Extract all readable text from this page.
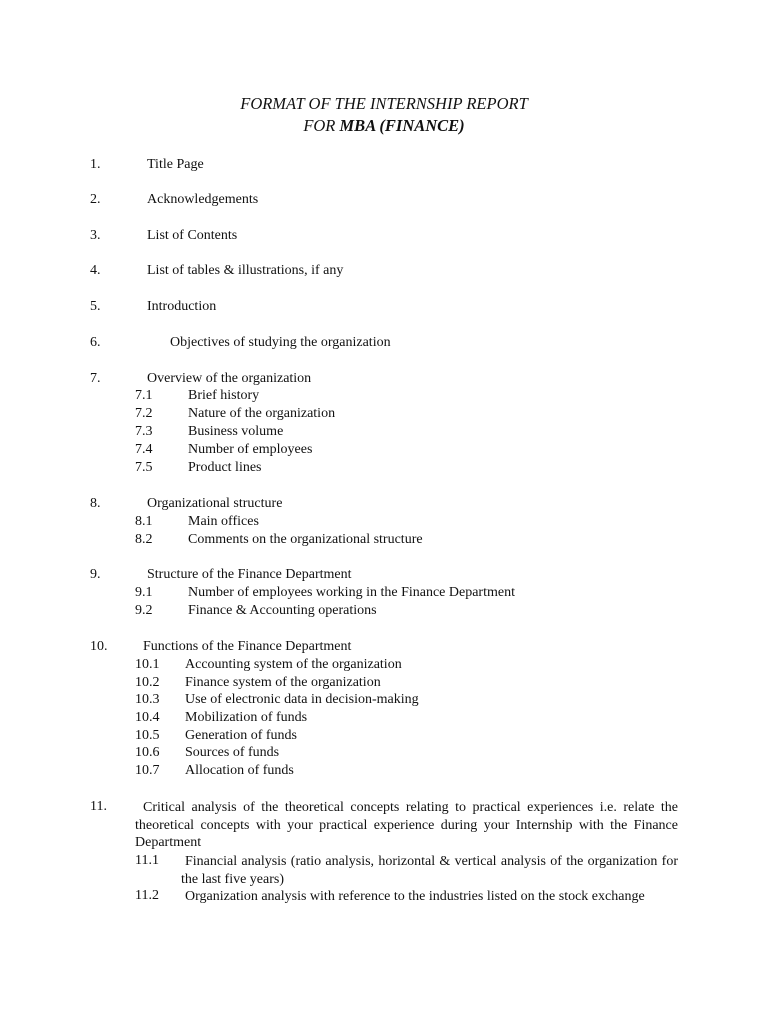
FORMAT OF THE INTERNSHIP REPORT
FOR MBA (FINANCE)
1.	Title Page
2.	Acknowledgements
3.	List of Contents
4.	List of tables & illustrations, if any
5.	Introduction
6.	Objectives of studying the organization
7.	Overview of the organization
7.1	Brief history
7.2	Nature of the organization
7.3	Business volume
7.4	Number of employees
7.5	Product lines
8.	Organizational structure
8.1	Main offices
8.2	Comments on the organizational structure
9.	Structure of the Finance Department
9.1	Number of employees working in the Finance Department
9.2	Finance & Accounting operations
10.	Functions of the Finance Department
10.1 Accounting system of the organization
10.2 Finance system of the organization
10.3 Use of electronic data in decision-making
10.4 Mobilization of funds
10.5 Generation of funds
10.6 Sources of funds
10.7 Allocation of funds
11.	Critical analysis of the theoretical concepts relating to practical experiences i.e. relate the theoretical concepts with your practical experience during your Internship with the Finance Department
11.1 Financial analysis (ratio analysis, horizontal & vertical analysis of the organization for the last five years)
11.2 Organization analysis with reference to the industries listed on the stock exchange
